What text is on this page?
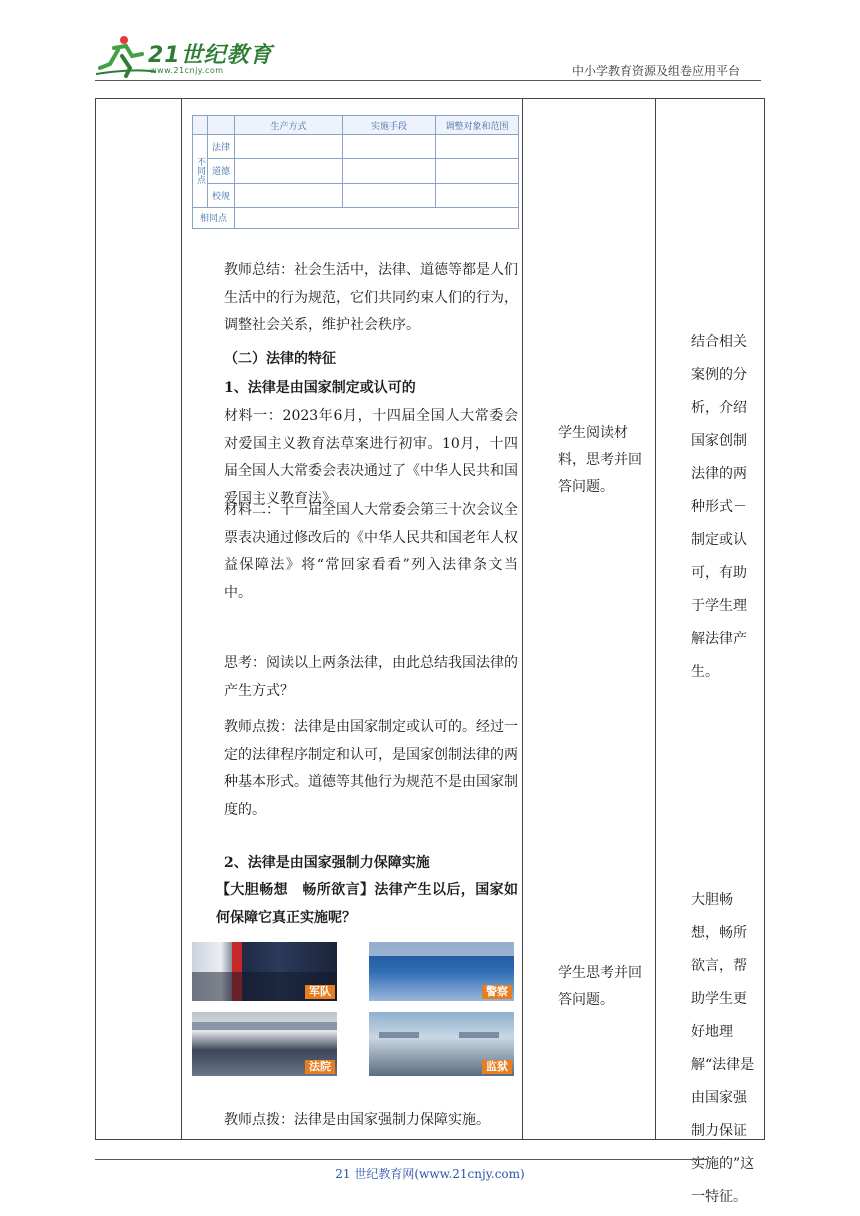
21世纪教育
www.21cnjy.com	中小学教育资源及组卷应用平台
		生产方式	实施手段	调整对象和范围
不同点	法律			
	道德			
	校规			
相同点				
教师总结：社会生活中，法律、道德等都是人们生活中的行为规范，它们共同约束人们的行为，调整社会关系，维护社会秩序。
（二）法律的特征
1、法律是由国家制定或认可的
材料一：2023年6月，十四届全国人大常委会对爱国主义教育法草案进行初审。10月，十四届全国人大常委会表决通过了《中华人民共和国爱国主义教育法》。
材料二：十一届全国人大常委会第三十次会议全票表决通过修改后的《中华人民共和国老年人权益保障法》将“常回家看看”列入法律条文当中。
思考：阅读以上两条法律，由此总结我国法律的产生方式？
教师点拨：法律是由国家制定或认可的。经过一定的法律程序制定和认可，是国家创制法律的两种基本形式。道德等其他行为规范不是由国家制度的。
2、法律是由国家强制力保障实施
【大胆畅想　畅所欲言】法律产生以后，国家如何保障它真正实施呢？
军队	警察
法院	监狱
教师点拨：法律是由国家强制力保障实施。
学生阅读材料，思考并回答问题。
学生思考并回答问题。
结合相关案例的分析，介绍国家创制法律的两种形式－制定或认可，有助于学生理解法律产生。
大胆畅想，畅所欲言，帮助学生更好地理解“法律是由国家强制力保证实施的”这一特征。
21 世纪教育网(www.21cnjy.com)
